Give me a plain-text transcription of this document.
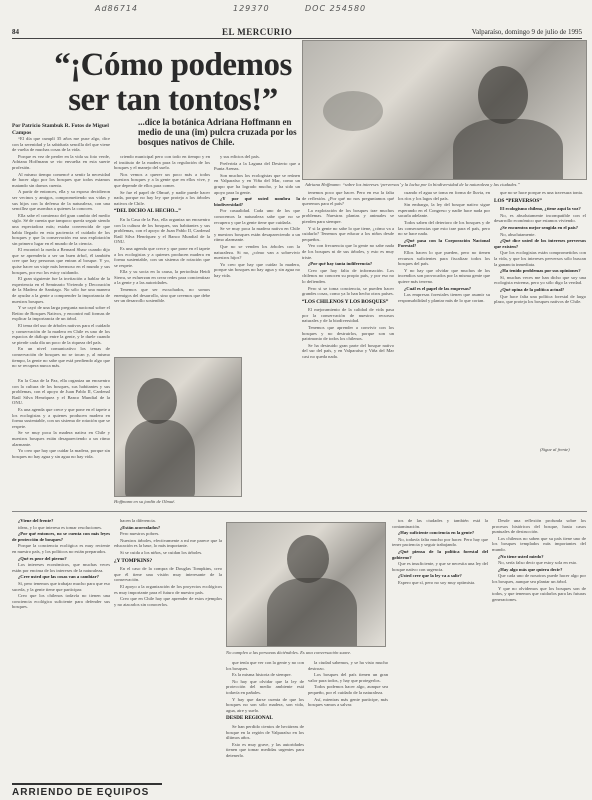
Ad86714	129370	DOC 254580
84	EL MERCURIO	Valparaíso, domingo 9 de julio de 1995
“¡Cómo podemos ser tan tontos!”
Por Patricio Stambuk R. Fotos de Miguel Campos
...dice la botánica Adriana Hoffmann en medio de una (im) pulcra cruzada por los bosques nativos de Chile.
Adriana Hoffmann: “sobre los intereses ‘perversos’ y la lucha por la biodiversidad de la naturaleza y las ciudades.”
“El día que cumplí 35 años me puse algo, dice con la serenidad y la sabiduría sencilla del que viene de vuelta de muchas cosas de la vida.
Porque es vez de perder en la vida su foto verde, Adriana Hoffmann se vio envuelta en esta suerte profesión.
Al mismo tiempo comencé a sentir la necesidad de hacer algo por los bosques que todos estamos matando sin darnos cuenta.
A partir de entonces, ella y su esposo decidieron ser vecinos y amigos, comprometiendo sus vidas y sus hijos con la defensa de la naturaleza, con una sencillez que asombra a quienes la conocen.
Ella sabe el comienzo del gran cambio del medio siglo. Sé de cuenta que tampoco quería seguir siendo una espectadora más; estaba convencida de que había llegado en esta paciencia el cuidado de los bosques y que la conservación era una explotación sin primero lugar en el mundo de la ciencia.
El encontró la rueda a Bernard Shaw cuando dijo que se aprendería a ser un buen árbol, él también cree que hay personas que entran al bosque. Y yo, quise hacer un viaje más hermoso en el mundo y sus bosques, por eso los estoy cuidando.
El gran siguiente fue la invitación a hablar de la experiencia en el Seminario Viviendo y Decoración de la Madera de Santiago. No sólo fue una manera de ayudar a la gente a comprender la importancia de nuestros bosques.
Y se cayó de una larga pregunta nacional sobre el Retiro de Bosques Nativos, y encontró mil formas de explicar la importancia de un árbol.
El tema del uso de árboles nativos para el cuidado y conservación de la madera en Chile es uno de los espacios de diálogo entre la gente, y le duele cuando se pierde cada día un poco de la riqueza del país.
En un nivel comunicativo los temas de conservación de bosques no se tocan y, al mismo tiempo, la gente no sabe que está perdiendo algo que no se recupera nunca más.
criendo municipal pero con todo en tiempo y en el instituto de la madera para la regulación de los bosques y el manejo del suelo.
Nos vemos a querer un poco más a todos nuestros bosques y a la gente que en ellos vive, y que depende de ellos para comer.
Se fue el papel de Olmué, y nadie puede hacer nada, porque no hay ley que proteja a los árboles nativos de Chile.
“DEL DICHO AL HECHO...”
En la Casa de la Paz, ella organiza un encuentro con la cultura de los bosques, sus habitantes y sus problemas, con el apoyo de Juan Pablo II, Cardenal Raúl Silva Henríquez y el Banco Mundial de la ONU.
Es una agenda que crece y que pone en el tapete a los ecologistas y a quienes producen madera en forma sustentable, con un sistema de rotación que se respete.
Ella y su socia en la causa, la periodista Heidi Sierra, se esfuerzan en crear redes para concientizar a la gente y a las autoridades.
Tenemos que ser escuchados, no somos enemigos del desarrollo, sino que creemos que debe ser un desarrollo sostenible.
y sus edictos del país.
Preferiría a la Laguna del Desierto que a Punta Arenas.
Son muchos los ecologistas que se reúnen en Valparaíso y en Viña del Mar, como un grupo que ha logrado mucho, y ha sido un apoyo para la gente.
¿Y por qué usted nombra la biodiversidad?
Por casualidad. Cada uno de los que conocemos la naturaleza sabe que no se recupera y que la gente tiene que cuidarla.
Se ve muy poca la madera nativa en Chile y nuestros bosques están desapareciendo a un ritmo alarmante.
Que no se venden los árboles con la naturaleza. Si no, ¿cómo van a sobrevivir nuestros hijos?
Yo creo que hay que cuidar la madera, porque sin bosques no hay agua y sin agua no hay vida.
Hoffmann en su jardín de Olmué.
En la Casa de la Paz, ella organiza un encuentro con la cultura de los bosques, sus habitantes y sus problemas, con el apoyo de Juan Pablo II, Cardenal Raúl Silva Henríquez y el Banco Mundial de la ONU.
Es una agenda que crece y que pone en el tapete a los ecologistas y a quienes producen madera en forma sustentable, con un sistema de rotación que se respete.
Se ve muy poca la madera nativa en Chile y nuestros bosques están desapareciendo a un ritmo alarmante.
Yo creo que hay que cuidar la madera, porque sin bosques no hay agua y sin agua no hay vida.
tenemos poco que hacer. Pero en eso la falta de reflexión. ¿Por qué no nos preguntamos qué queremos para el país?
La explotación de los bosques trae muchos problemas. Nuestras plantas y animales se pierden para siempre.
Y si la gente no sabe lo que tiene, ¿cómo va a cuidarlo? Tenemos que educar a los niños desde pequeños.
Veo con frecuencia que la gente no sabe nada de los bosques ni de sus árboles, y esto es muy triste.
¿Por qué hay tanta indiferencia?
Creo que hay falta de información. Los chilenos no conocen su propio país, y por eso no lo defienden.
Pero si se toma conciencia, se pueden hacer grandes cosas, como ya lo han hecho otros países.
“LOS CHILENOS Y LOS BOSQUES”
El mejoramiento de la calidad de vida pasa por la conservación de nuestros recursos naturales y de la biodiversidad.
Tenemos que aprender a convivir con los bosques y no destruirlos, porque son un patrimonio de todos los chilenos.
Se ha destruido gran parte del bosque nativo del sur del país, y en Valparaíso y Viña del Mar casi no queda nada.
cuando el agua se toma en forma de lluvia, en los ríos y los lagos del país.
Sin embargo, la ley del bosque nativo sigue esperando en el Congreso y nadie hace nada por sacarla adelante.
Todos saben del deterioro de los bosques y de las consecuencias que esto trae para el país, pero no se hace nada.
¿Qué pasa con la Corporación Nacional Forestal?
Ellos hacen lo que pueden, pero no tienen recursos suficientes para fiscalizar todos los bosques del país.
Y no hay que olvidar que muchos de los incendios son provocados por la misma gente que quiere más terreno.
¿Cuál es el papel de las empresas?
Las empresas forestales tienen que asumir su responsabilidad y plantar más de lo que cortan.
que no se hace porque es una travesura tonta.
LOS “PERVERSOS”
El ecologismo chileno, ¿tiene aquí la voz?
No, es absolutamente incompatible con el desarrollo económico que estamos viviendo.
¿Se encuentra mejor sengida en el país?
No, absolutamente.
¿Qué dice usted de los intereses perversos que existen?
Que los ecologistas están comprometidos con la vida, y que los intereses perversos sólo buscan la ganancia inmediata.
¿Ha tenido problemas por sus opiniones?
Sí, muchas veces me han dicho que soy una ecologista extrema, pero yo sólo digo la verdad.
¿Qué opina de la política actual?
Que hace falta una política forestal de largo plazo, que proteja los bosques nativos de Chile.
(Sigue al frente)
No cumpleo a las personas diciéndoles. Es una conversación suave.
¿Viene del frente?
ideas, y lo que interesa es tomar resoluciones.
¿Por qué entonces, no se cuenta con más leyes de protección de bosques?
Porque la conciencia ecológica es muy reciente en nuestro país, y los políticos no están preparados.
¿Qué es peor del pierno?
Los intereses económicos, que muchas veces están por encima de los intereses de la naturaleza.
¿Cree usted que las cosas van a cambiar?
Sí, pero tenemos que trabajar mucho para que eso suceda, y la gente tiene que participar.
Creo que los chilenos todavía no tienen una conciencia ecológica suficiente para defender sus bosques.
hacen la diferencia.
¿Están acorralados?
Pero nuestros pobres.
Nuestros árboles, efectivamente a mí me parece que la educación es la base, lo más importante.
Si se cuida a los niños, se cuidan los árboles.
¿Y TOMPKINS?
En el caso de la compra de Douglas Tompkins, creo que él tiene una visión muy interesante de la conservación.
El apoyo a la organización de los proyectos ecológicos es muy importante para el futuro de nuestro país.
Creo que en Chile hay que aprender de estos ejemplos y no atacarlos sin conocerlos.
que tenía que ver con la gente y no con los bosques.
Es la misma historia de siempre.
No hay que olvidar que la ley de protección del medio ambiente está todavía en pañales.
Y hay que darse cuenta de que los bosques no son sólo madera, son vida, agua, aire y suelo.
DESDE REGIONAL
Se han perdido cientos de hectáreas de bosque en la región de Valparaíso en los últimos años.
Esto es muy grave, y las autoridades tienen que tomar medidas urgentes para detenerlo.
la ciudad sabemos, y se ha visto mucho destrozo.
Los bosques del país tienen un gran valor para todos, y hay que protegerlos.
Todos podemos hacer algo, aunque sea pequeño, por el cuidado de la naturaleza.
Así, mientras más gente participe, más bosques vamos a salvar.
tos de las ciudades y también está la contaminación.
¿Hay suficiente conciencia en la gente?
No, todavía falta mucho por hacer. Pero hay que tener paciencia y seguir trabajando.
¿Qué piensa de la política forestal del gobierno?
Que es insuficiente, y que se necesita una ley del bosque nativo con urgencia.
¿Usted cree que la ley va a salir?
Espero que sí, pero no soy muy optimista.
Desde una reflexión profunda sobre los procesos históricos del bosque, hasta casos puntuales de destrucción.
Los chilenos no saben que su país tiene uno de los bosques templados más importantes del mundo.
¿No tiene usted miedo?
No, sería falso decir que estoy sola en esto.
¿Hay algo más que quiera decir?
Que cada uno de nosotros puede hacer algo por los bosques, aunque sea plantar un árbol.
Y que no olvidemos que los bosques son de todos, y que tenemos que cuidarlos para las futuras generaciones.
ARRIENDO DE EQUIPOS
